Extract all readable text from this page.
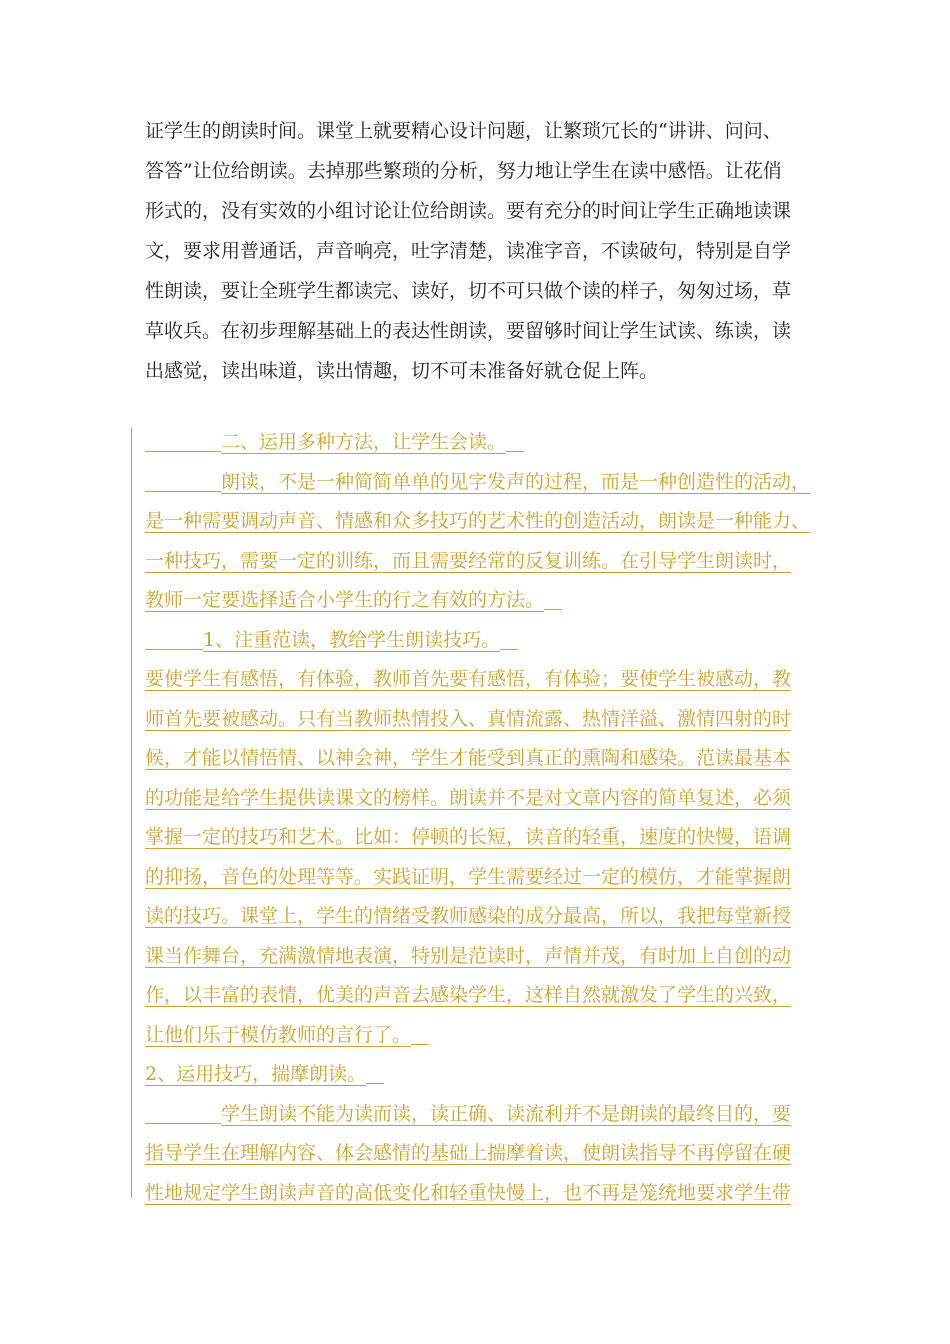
证学生的朗读时间。课堂上就要精心设计问题，让繁琐冗长的“讲讲、问问、
答答”让位给朗读。去掉那些繁琐的分析，努力地让学生在读中感悟。让花俏
形式的，没有实效的小组讨论让位给朗读。要有充分的时间让学生正确地读课
文，要求用普通话，声音响亮，吐字清楚，读准字音，不读破句，特别是自学
性朗读，要让全班学生都读完、读好，切不可只做个读的样子，匆匆过场，草
草收兵。在初步理解基础上的表达性朗读，要留够时间让学生试读、练读，读
出感觉，读出味道，读出情趣，切不可未准备好就仓促上阵。
二、运用多种方法，让学生会读。
朗读，不是一种简简单单的见字发声的过程，而是一种创造性的活动，
是一种需要调动声音、情感和众多技巧的艺术性的创造活动，朗读是一种能力、
一种技巧，需要一定的训练，而且需要经常的反复训练。在引导学生朗读时，
教师一定要选择适合小学生的行之有效的方法。
1、注重范读，教给学生朗读技巧。
要使学生有感悟，有体验，教师首先要有感悟，有体验；要使学生被感动，教
师首先要被感动。只有当教师热情投入、真情流露、热情洋溢、激情四射的时
候，才能以情悟情、以神会神，学生才能受到真正的熏陶和感染。范读最基本
的功能是给学生提供读课文的榜样。朗读并不是对文章内容的简单复述，必须
掌握一定的技巧和艺术。比如：停顿的长短，读音的轻重，速度的快慢，语调
的抑扬，音色的处理等等。实践证明，学生需要经过一定的模仿，才能掌握朗
读的技巧。课堂上，学生的情绪受教师感染的成分最高，所以，我把每堂新授
课当作舞台，充满激情地表演，特别是范读时，声情并茂，有时加上自创的动
作，以丰富的表情，优美的声音去感染学生，这样自然就激发了学生的兴致，
让他们乐于模仿教师的言行了。
2、运用技巧，揣摩朗读。
学生朗读不能为读而读，读正确、读流利并不是朗读的最终目的，要
指导学生在理解内容、体会感情的基础上揣摩着读，使朗读指导不再停留在硬
性地规定学生朗读声音的高低变化和轻重快慢上，也不再是笼统地要求学生带
